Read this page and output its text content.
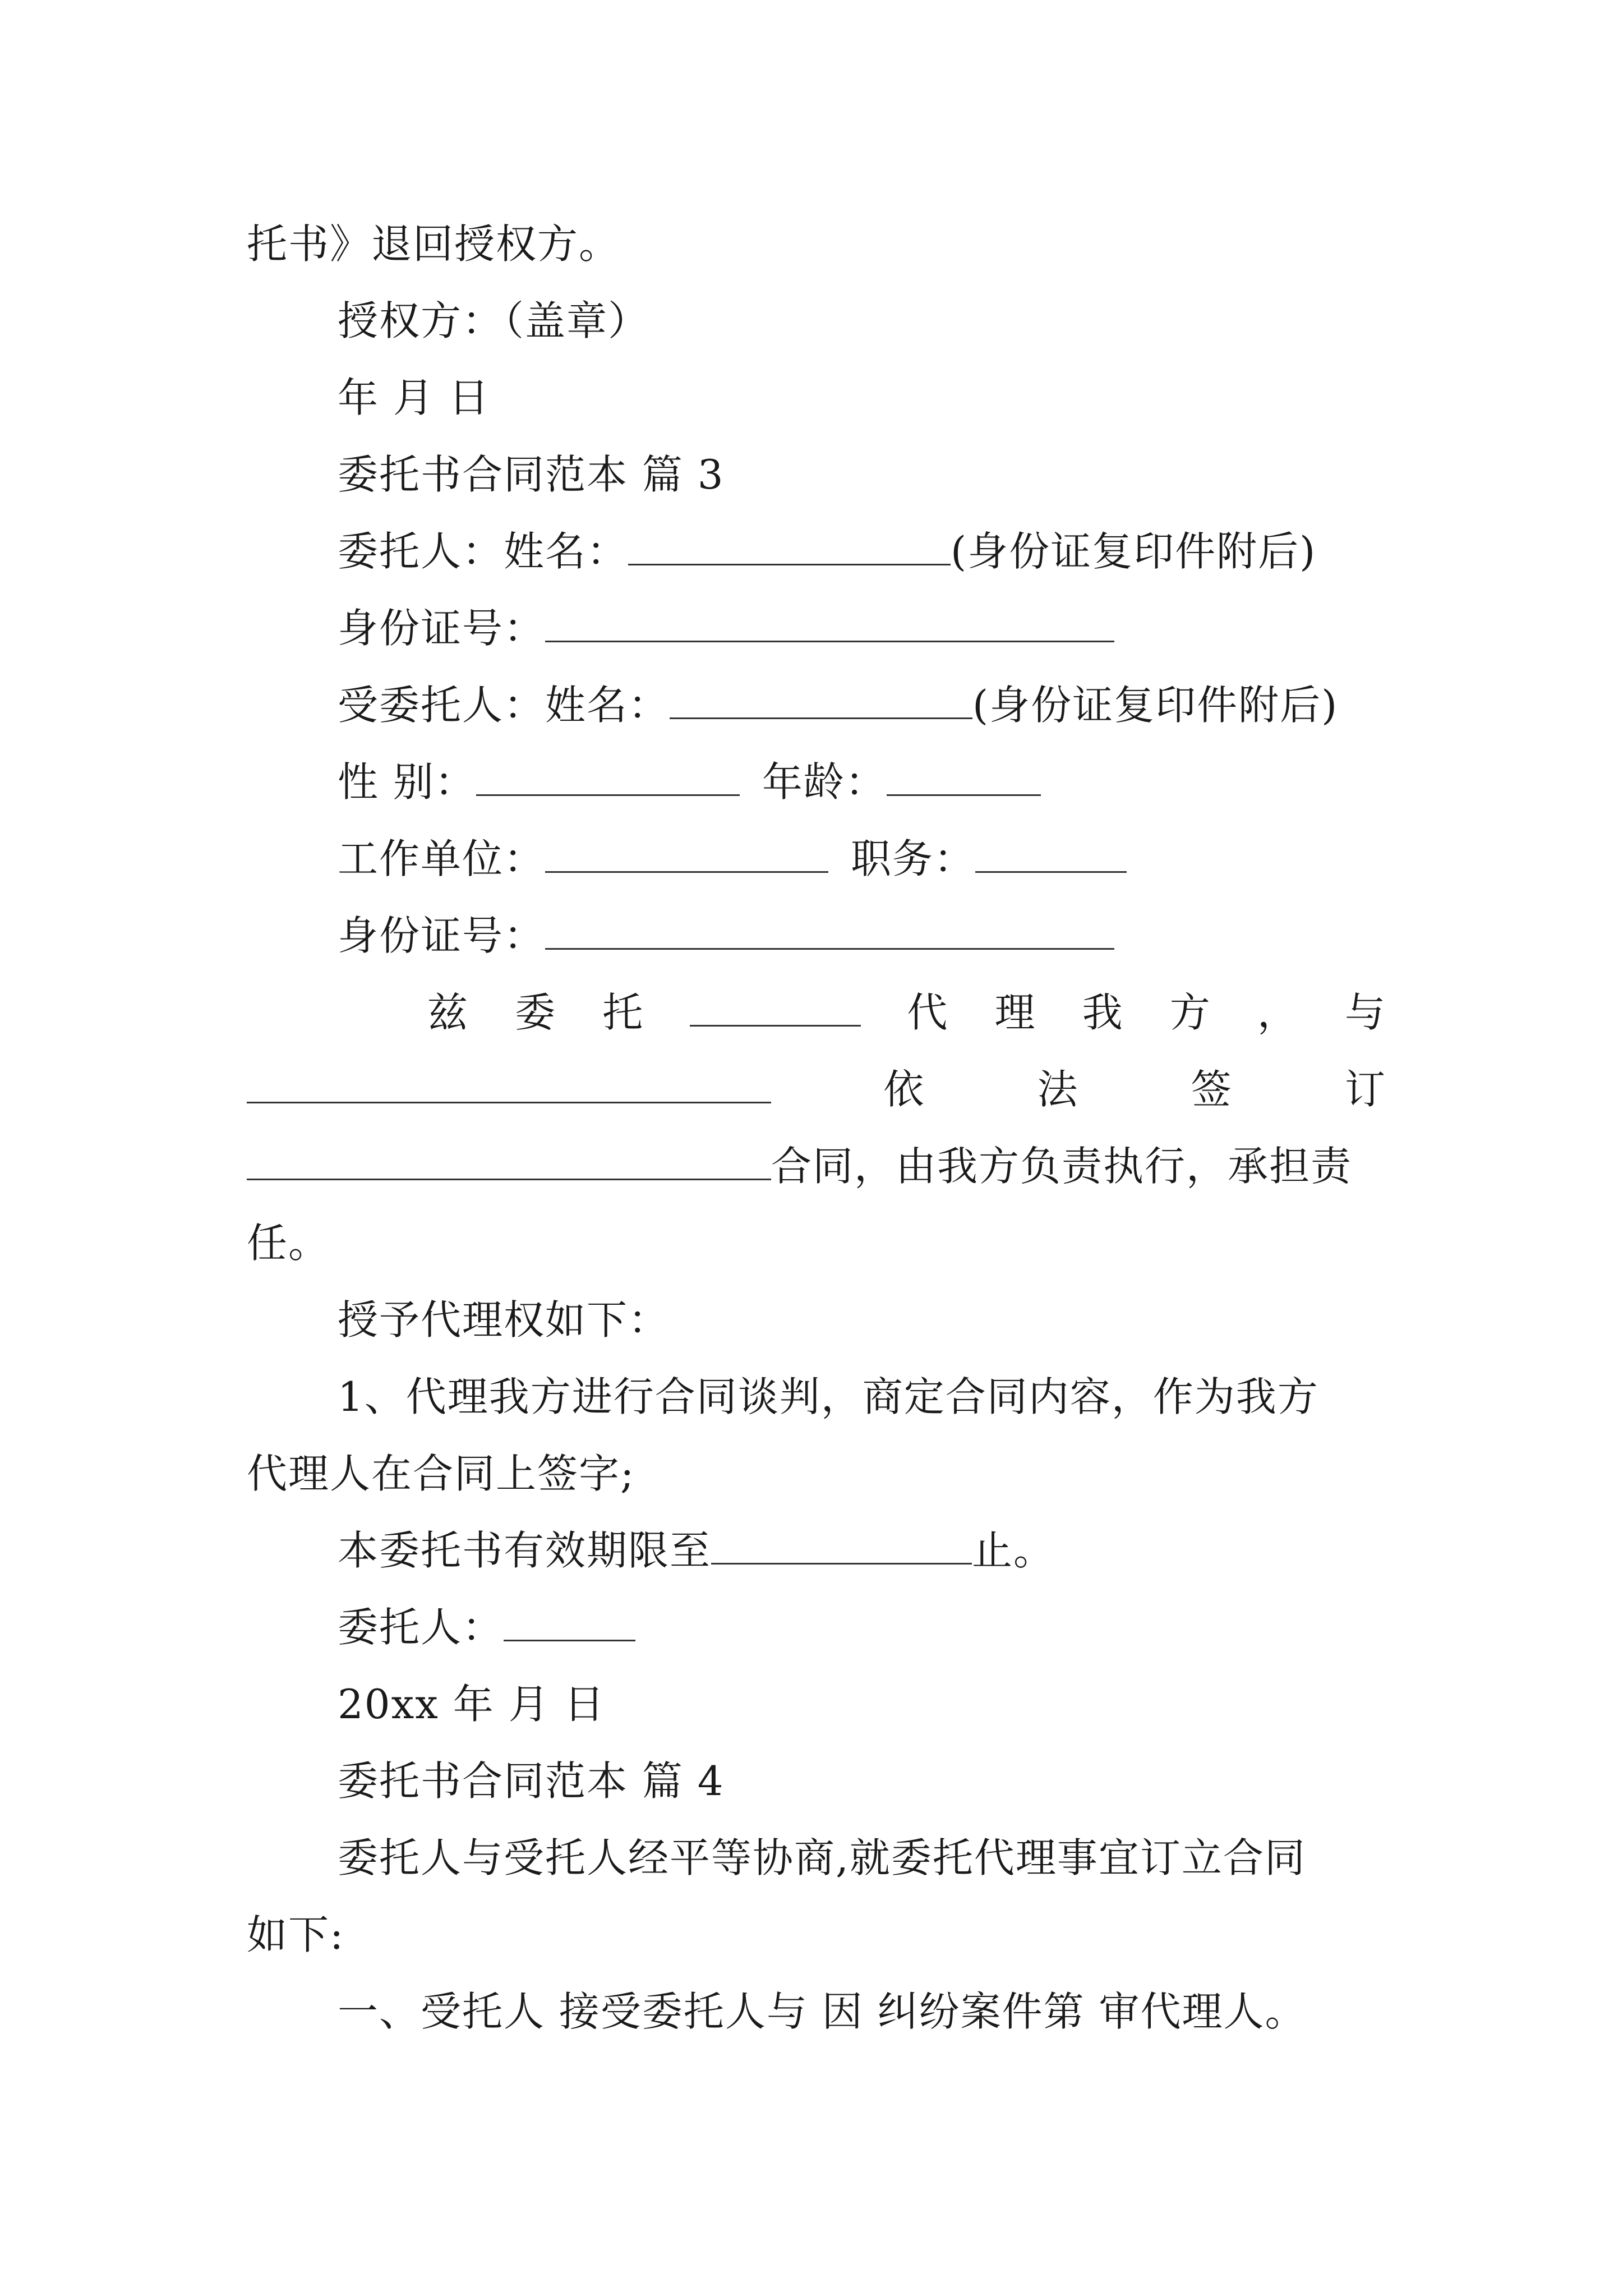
托书》退回授权方。
授权方：（盖章）
年 月 日
委托书合同范本 篇 3
委托人：姓名：	(身份证复印件附后)
身份证号：
受委托人：姓名：	(身份证复印件附后)
性 别：	年龄：
工作单位：	职务：
身份证号：
兹 委 托	代 理 我 方 ， 与
依	法	签	订
合同，由我方负责执行，承担责
任。
授予代理权如下：
1、代理我方进行合同谈判，商定合同内容，作为我方
代理人在合同上签字;
本委托书有效期限至	止。
委托人：
20xx 年 月 日
委托书合同范本 篇 4
委托人与受托人经平等协商,就委托代理事宜订立合同
如下:
一、受托人 接受委托人与 因 纠纷案件第 审代理人。
